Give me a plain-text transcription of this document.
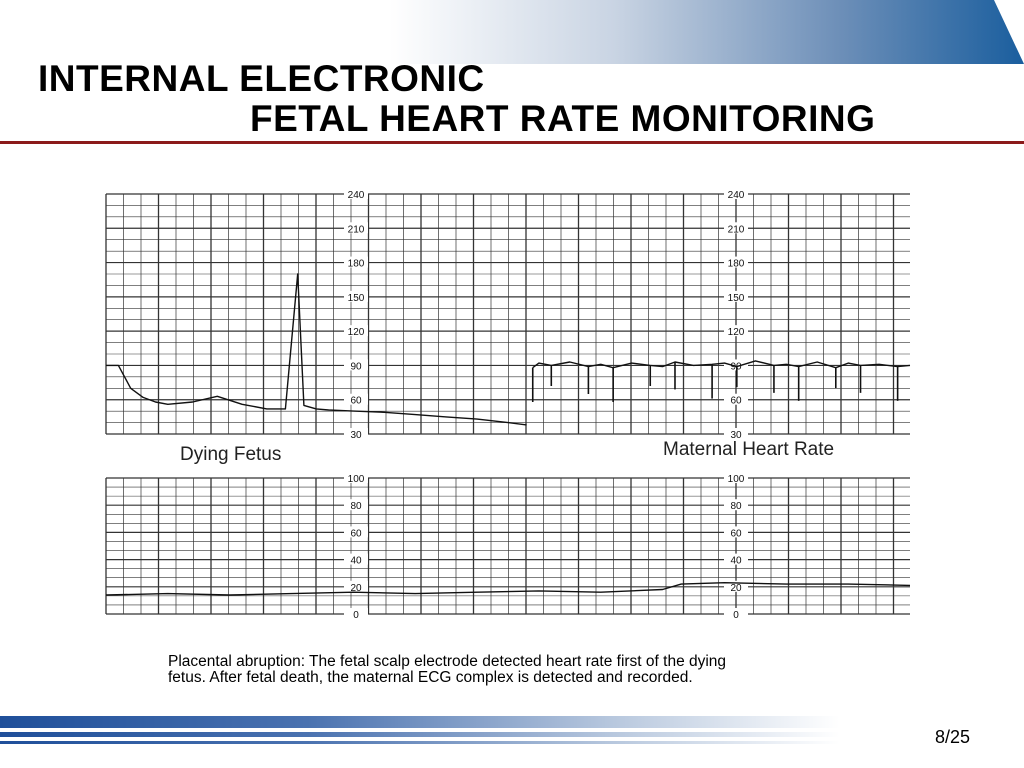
INTERNAL ELECTRONIC
FETAL HEART RATE MONITORING
240	240
210	210
180	180
150	150
120	120
90	90
60	60
30	30
100	100
80	80
60	60
40	40
20	20
0	0
Dying Fetus	Maternal Heart Rate
Placental abruption: The fetal scalp electrode detected heart rate first of the dying
fetus. After fetal death, the maternal ECG complex is detected and recorded.
8/25
